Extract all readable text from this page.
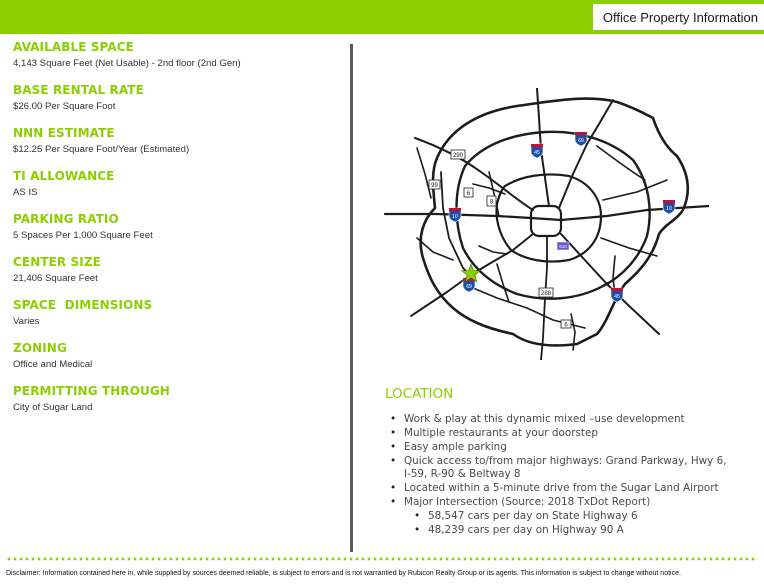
Office Property Information
AVAILABLE SPACE
4,143 Square Feet (Net Usable) - 2nd floor (2nd Gen)
BASE RENTAL RATE
$26.00 Per Square Foot
NNN ESTIMATE
$12.25 Per Square Foot/Year (Estimated)
TI ALLOWANCE
AS IS
PARKING RATIO
5 Spaces Per 1,000 Square Feet
CENTER SIZE
21,406 Square Feet
SPACE  DIMENSIONS
Varies
ZONING
Office and Medical
PERMITTING THROUGH
City of Sugar Land
290
99
6
8
45
69
10
10
69
288	45
6
610
LOCATION
• Work & play at this dynamic mixed –use development
• Multiple restaurants at your doorstep
• Easy ample parking
• Quick access to/from major highways: Grand Parkway, Hwy 6, I-59, R-90 & Beltway 8
• Located within a 5-minute drive from the Sugar Land Airport
• Major Intersection (Source: 2018 TxDot Report)
• 58,547 cars per day on State Highway 6
• 48,239 cars per day on Highway 90 A
Disclaimer: Information contained here in, while supplied by sources deemed reliable, is subject to errors and is not warrantied by Rubicon Realty Group or its agents. This information is subject to change without notice.
